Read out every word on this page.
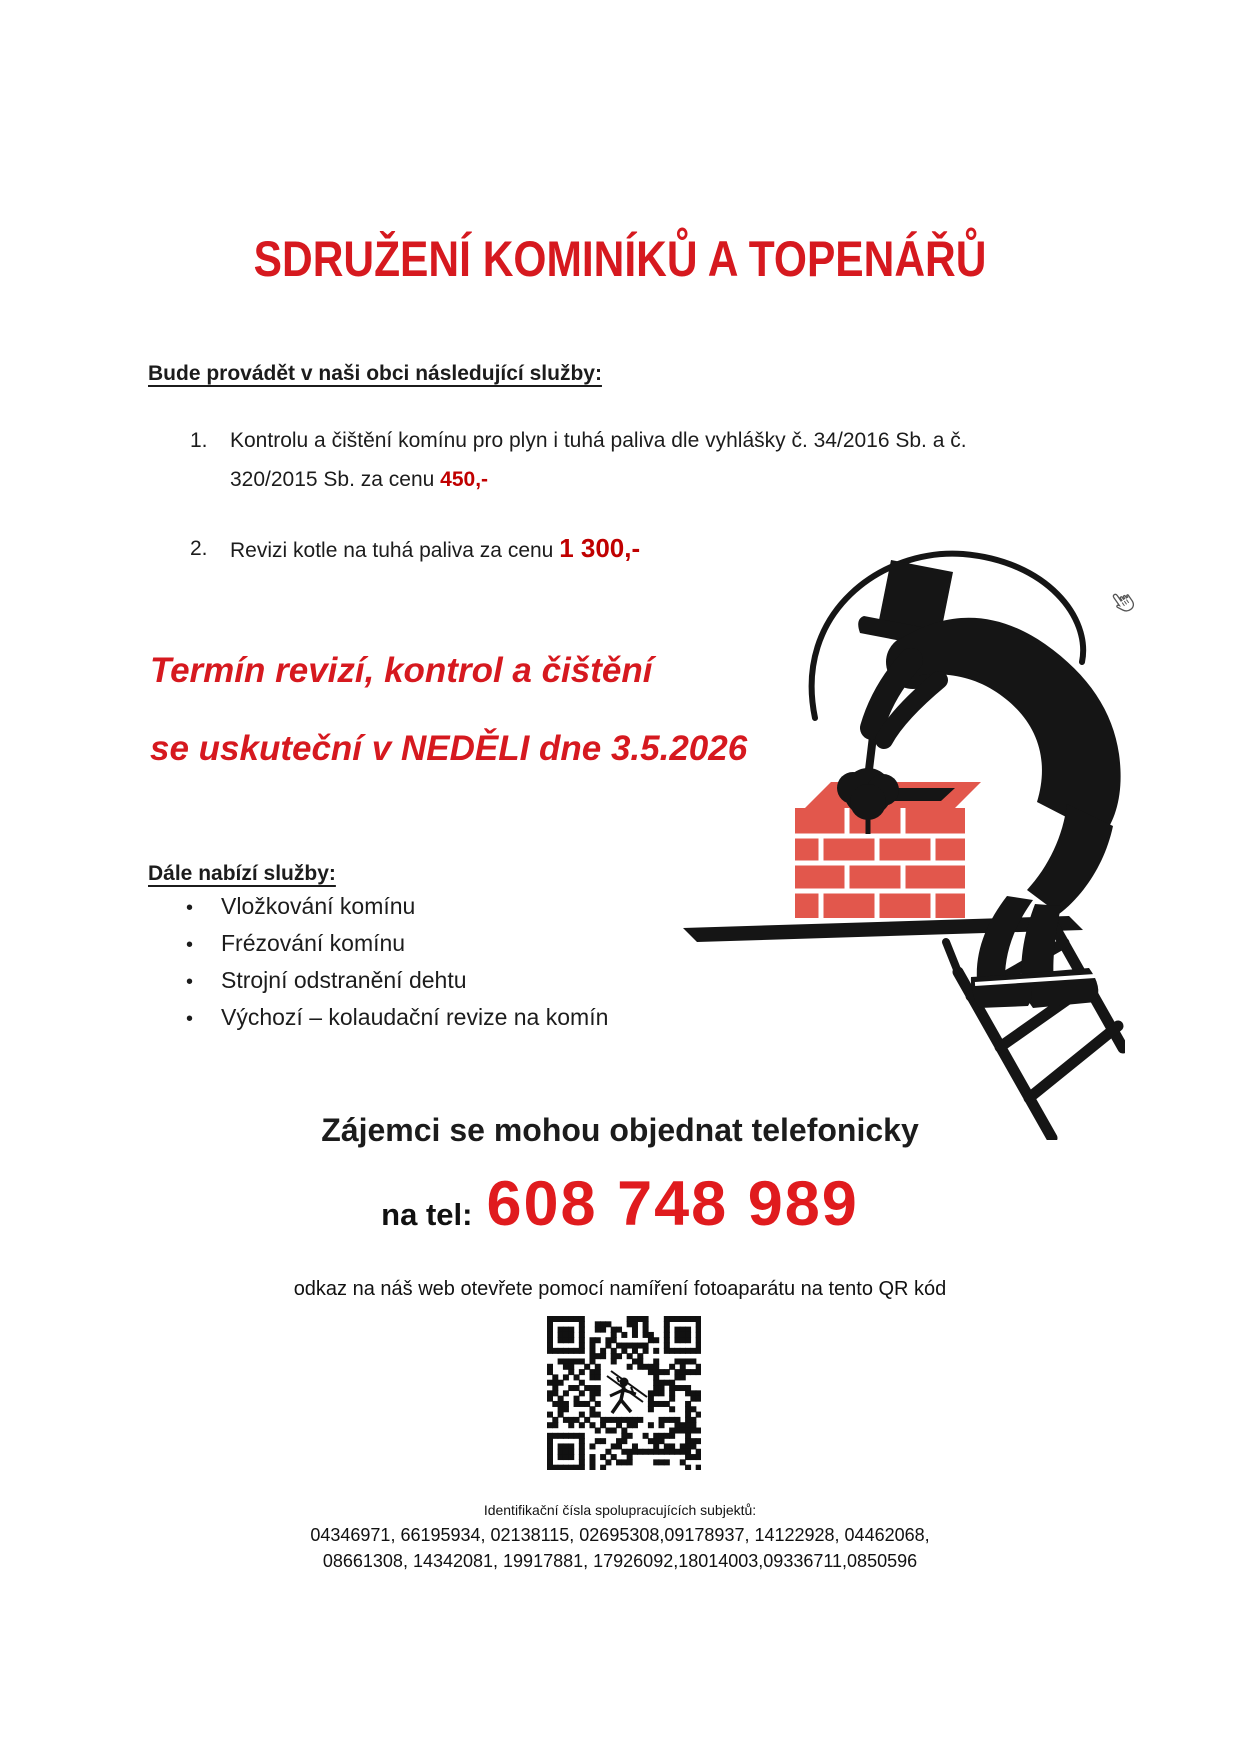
SDRUŽENÍ KOMINÍKŮ A TOPENÁŘŮ
Bude provádět v naši obci následující služby:
1.	Kontrolu a čištění komínu pro plyn i tuhá paliva dle vyhlášky č. 34/2016 Sb. a č.
320/2015 Sb. za cenu 450,-
2.	Revizi kotle na tuhá paliva za cenu 1 300,-
Termín revizí, kontrol a čištění
se uskuteční v NEDĚLI dne 3.5.2026
Dále nabízí služby:
•	Vložkování komínu
•	Frézování komínu
•	Strojní odstranění dehtu
•	Výchozí – kolaudační revize na komín
Zájemci se mohou objednat telefonicky
na tel: 608 748 989
odkaz na náš web otevřete pomocí namíření fotoaparátu na tento QR kód
Identifikační čísla spolupracujících subjektů:
04346971, 66195934, 02138115, 02695308,09178937, 14122928, 04462068,
08661308, 14342081, 19917881, 17926092,18014003,09336711,0850596
